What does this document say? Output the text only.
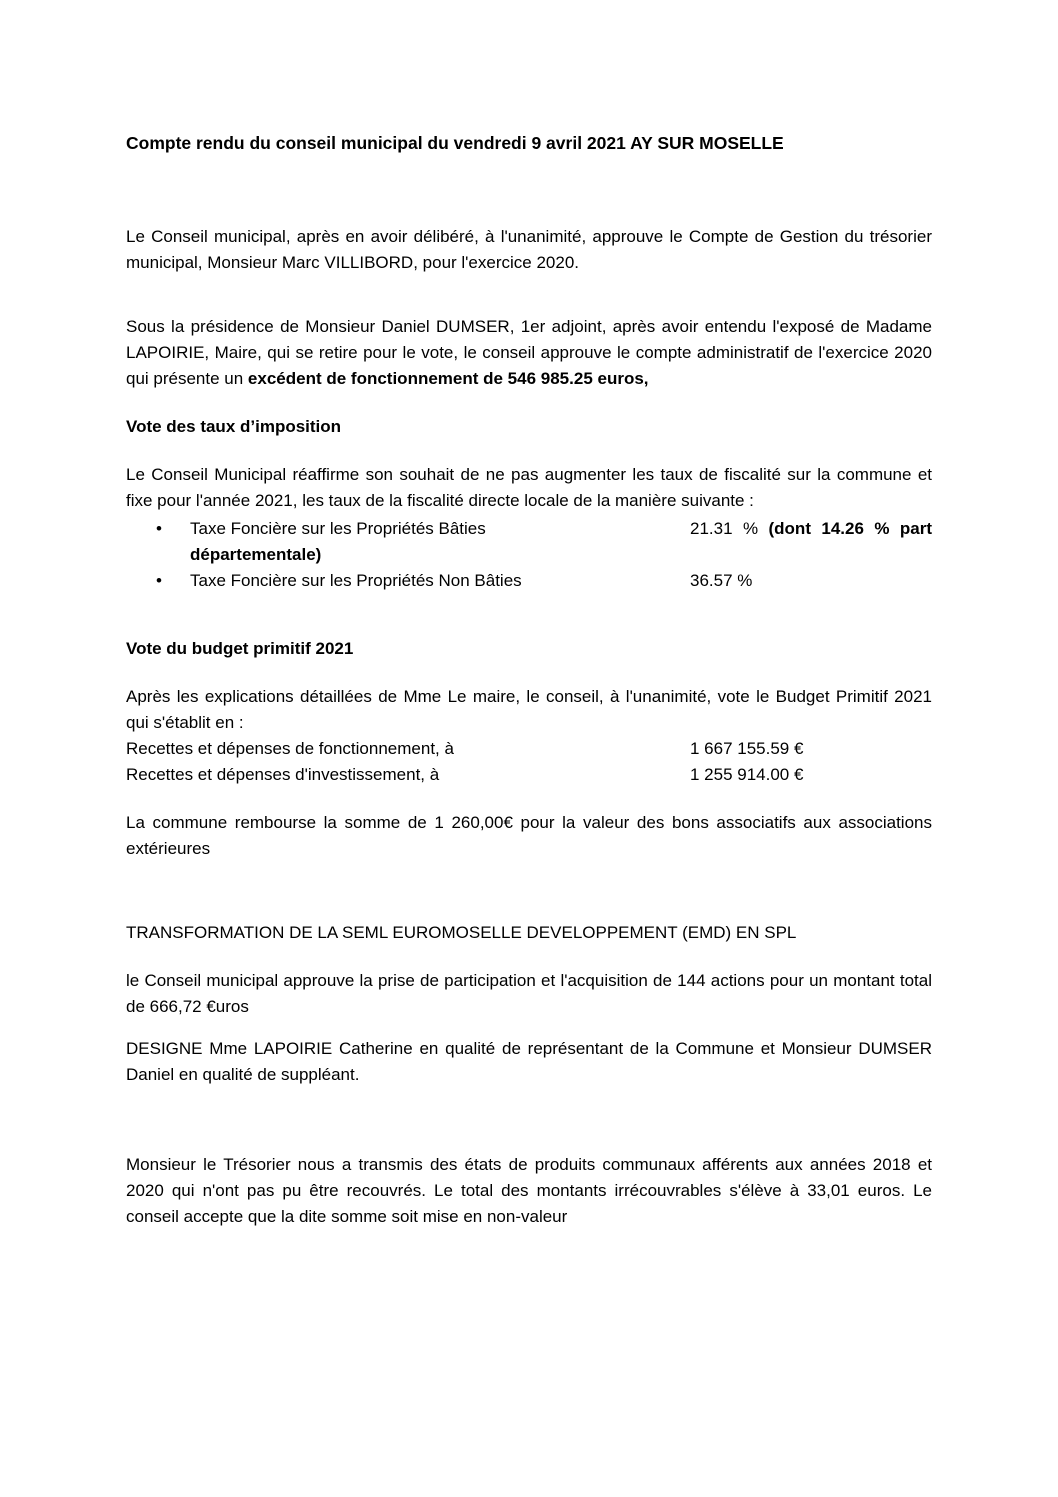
Compte rendu du conseil municipal du vendredi 9 avril 2021 AY SUR MOSELLE

Le Conseil municipal, après en avoir délibéré, à l'unanimité, approuve le Compte de Gestion du trésorier municipal, Monsieur Marc VILLIBORD, pour l'exercice 2020.

Sous la présidence de Monsieur Daniel DUMSER, 1er adjoint, après avoir entendu l'exposé de Madame LAPOIRIE, Maire, qui se retire pour le vote, le conseil approuve le compte administratif de l'exercice 2020 qui présente un excédent de fonctionnement de 546 985.25 euros,

Vote des taux d’imposition

Le Conseil Municipal réaffirme son souhait de ne pas augmenter les taux de fiscalité sur la commune et fixe pour l'année 2021, les taux de la fiscalité directe locale de la manière suivante :

• Taxe Foncière sur les Propriétés Bâties	21.31 % (dont 14.26 % part départementale)
• Taxe Foncière sur les Propriétés Non Bâties	36.57 %
Vote du budget primitif 2021

Après les explications détaillées de Mme Le maire, le conseil, à l'unanimité, vote le Budget Primitif 2021 qui s'établit en :

Recettes et dépenses de fonctionnement, à	1 667 155.59 €
Recettes et dépenses d'investissement, à	1 255 914.00 €

La commune rembourse la somme de 1 260,00€ pour la valeur des bons associatifs aux associations extérieures

TRANSFORMATION DE LA SEML EUROMOSELLE DEVELOPPEMENT (EMD) EN SPL

le Conseil municipal approuve la prise de participation et l'acquisition de 144 actions pour un montant total de 666,72 €uros

DESIGNE Mme LAPOIRIE Catherine en qualité de représentant de la Commune et Monsieur DUMSER Daniel en qualité de suppléant.

Monsieur le Trésorier nous a transmis des états de produits communaux afférents aux années 2018 et 2020 qui n'ont pas pu être recouvrés. Le total des montants irrécouvrables s'élève à 33,01 euros. Le conseil accepte que la dite somme soit mise en non-valeur
